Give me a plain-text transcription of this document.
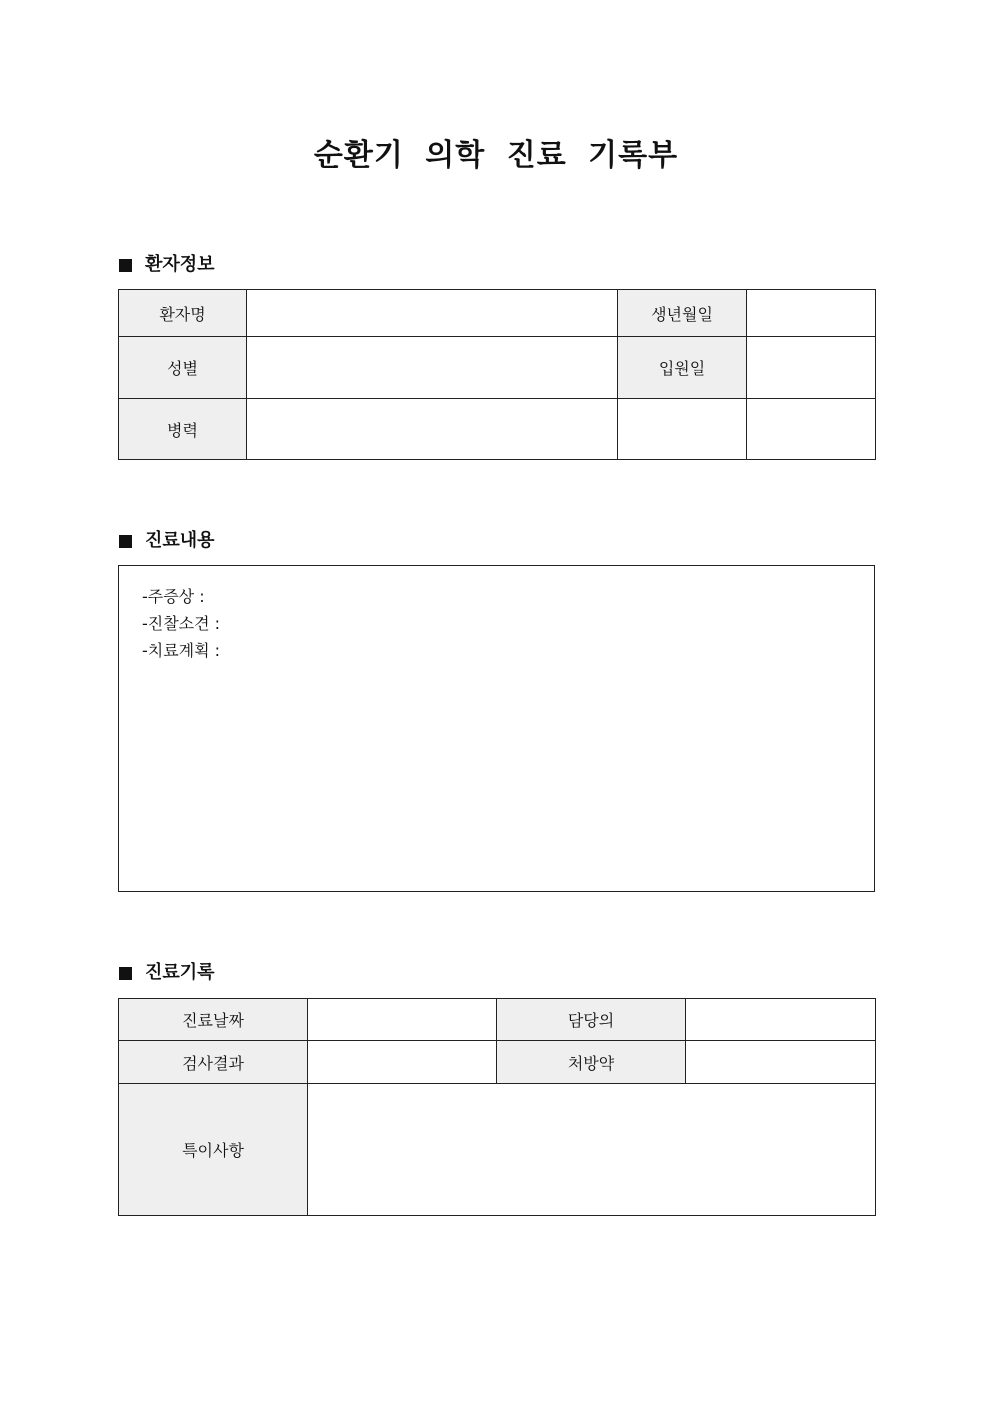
순환기 의학 진료 기록부
환자정보
환자명		생년월일	
성별		입원일	
병력			
진료내용
-주증상 :
-진찰소견 :
-치료계획 :
진료기록
진료날짜		담당의	
검사결과		처방약	
특이사항			
